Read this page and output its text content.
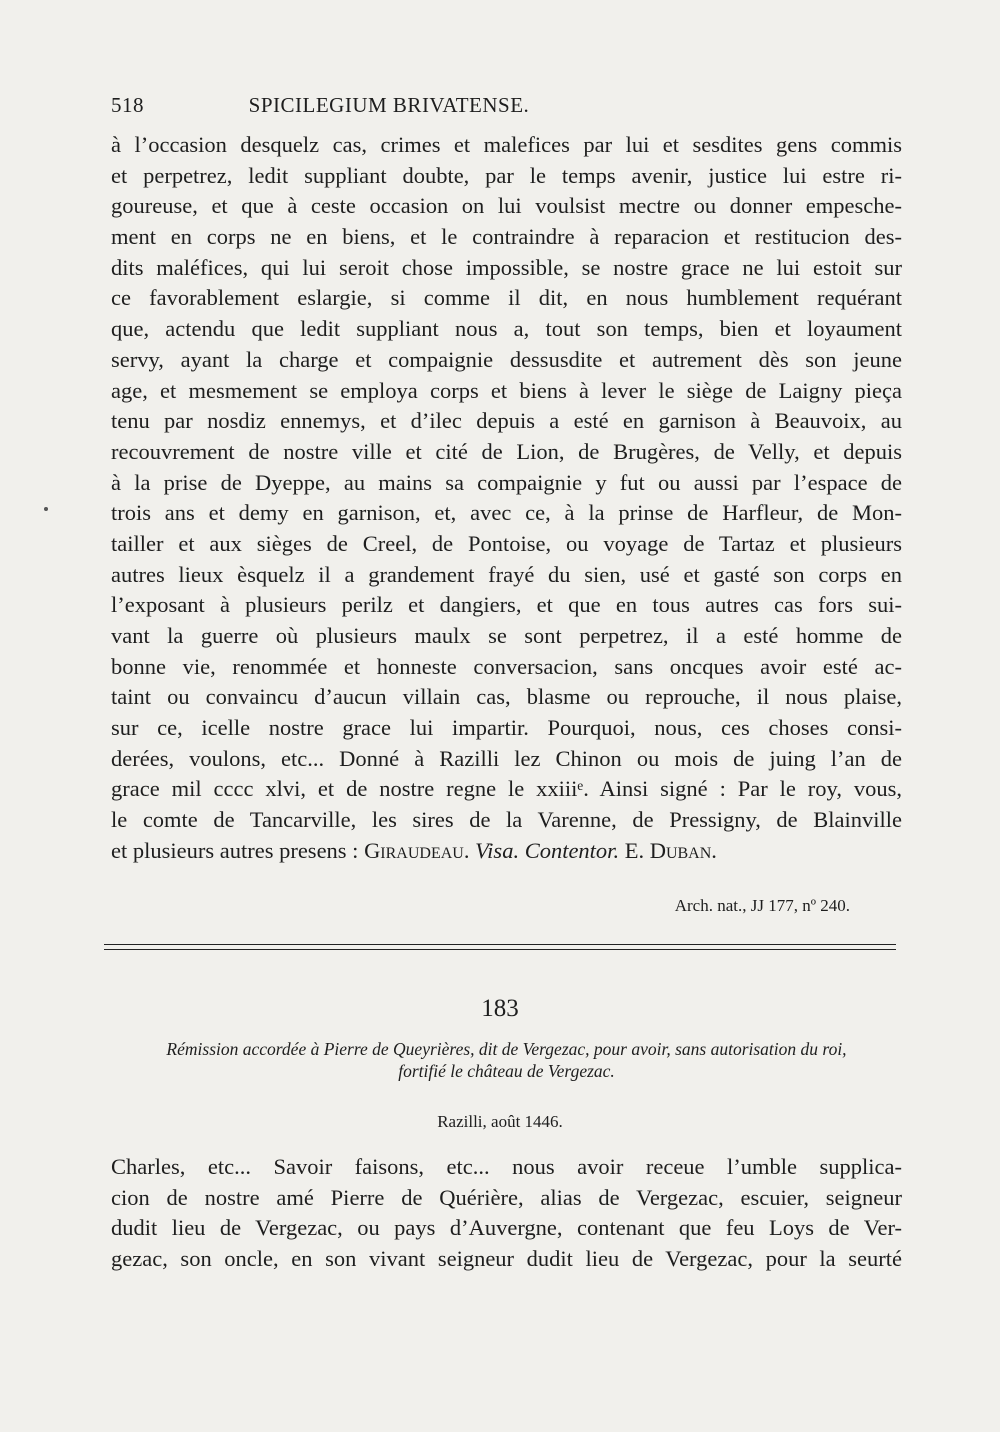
518	SPICILEGIUM BRIVATENSE.
à l’occasion desquelz cas, crimes et malefices par lui et sesdites gens commis
et perpetrez, ledit suppliant doubte, par le temps avenir, justice lui estre ri-
goureuse, et que à ceste occasion on lui voulsist mectre ou donner empesche-
ment en corps ne en biens, et le contraindre à reparacion et restitucion des-
dits maléfices, qui lui seroit chose impossible, se nostre grace ne lui estoit sur
ce favorablement eslargie, si comme il dit, en nous humblement requérant
que, actendu que ledit suppliant nous a, tout son temps, bien et loyaument
servy, ayant la charge et compaignie dessusdite et autrement dès son jeune
age, et mesmement se employa corps et biens à lever le siège de Laigny pieça
tenu par nosdiz ennemys, et d’ilec depuis a esté en garnison à Beauvoix, au
recouvrement de nostre ville et cité de Lion, de Brugères, de Velly, et depuis
à la prise de Dyeppe, au mains sa compaignie y fut ou aussi par l’espace de
trois ans et demy en garnison, et, avec ce, à la prinse de Harfleur, de Mon-
tailler et aux sièges de Creel, de Pontoise, ou voyage de Tartaz et plusieurs
autres lieux èsquelz il a grandement frayé du sien, usé et gasté son corps en
l’exposant à plusieurs perilz et dangiers, et que en tous autres cas fors sui-
vant la guerre où plusieurs maulx se sont perpetrez, il a esté homme de
bonne vie, renommée et honneste conversacion, sans oncques avoir esté ac-
taint ou convaincu d’aucun villain cas, blasme ou reprouche, il nous plaise,
sur ce, icelle nostre grace lui impartir. Pourquoi, nous, ces choses consi-
derées, voulons, etc... Donné à Razilli lez Chinon ou mois de juing l’an de
grace mil cccc xlvi, et de nostre regne le xxiiiᵉ. Ainsi signé : Par le roy, vous,
le comte de Tancarville, les sires de la Varenne, de Pressigny, de Blainville
et plusieurs autres presens : Giraudeau. Visa. Contentor. E. Duban.
Arch. nat., JJ 177, nº 240.
183
Rémission accordée à Pierre de Queyrières, dit de Vergezac, pour avoir, sans autorisation du roi,
fortifié le château de Vergezac.
Razilli, août 1446.
Charles, etc... Savoir faisons, etc... nous avoir receue l’umble supplica-
cion de nostre amé Pierre de Quérière, alias de Vergezac, escuier, seigneur
dudit lieu de Vergezac, ou pays d’Auvergne, contenant que feu Loys de Ver-
gezac, son oncle, en son vivant seigneur dudit lieu de Vergezac, pour la seurté
